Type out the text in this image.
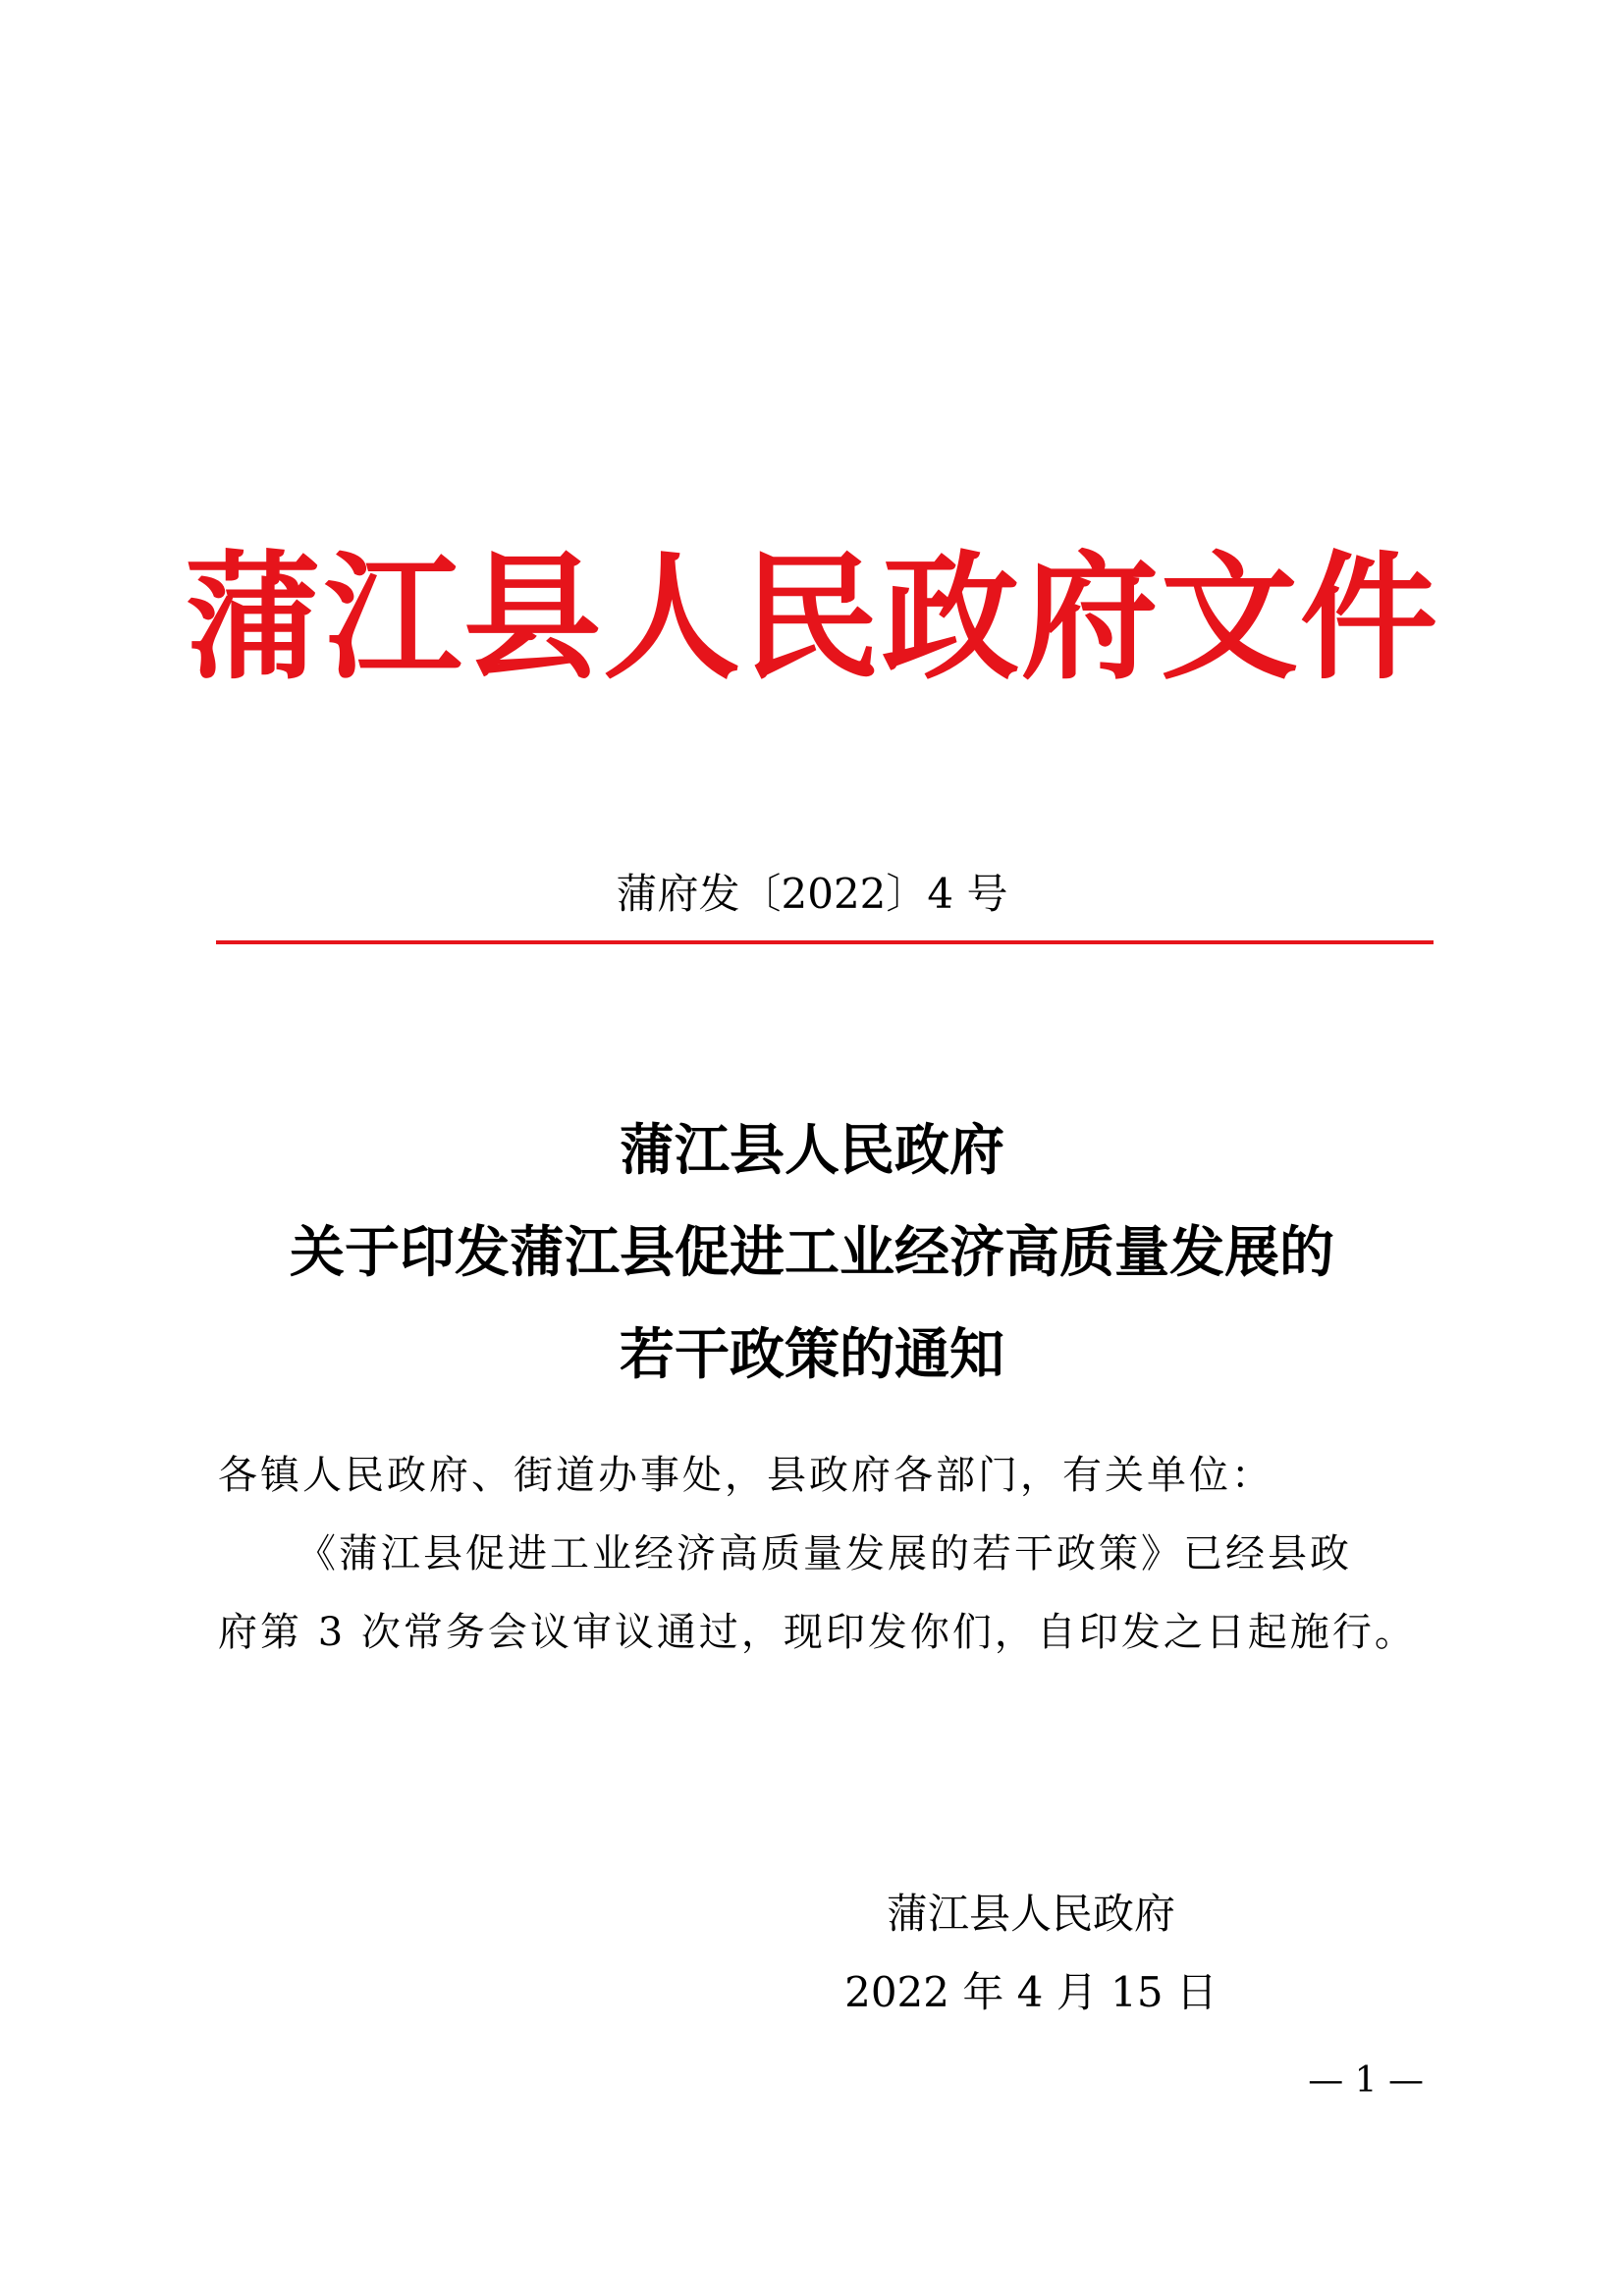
蒲江县人民政府文件
蒲府发〔2022〕4 号
蒲江县人民政府
关于印发蒲江县促进工业经济高质量发展的
若干政策的通知
各镇人民政府、街道办事处，县政府各部门，有关单位：
《蒲江县促进工业经济高质量发展的若干政策》已经县政
府第 3 次常务会议审议通过，现印发你们，自印发之日起施行。
蒲江县人民政府
2022 年 4 月 15 日
— 1 —
